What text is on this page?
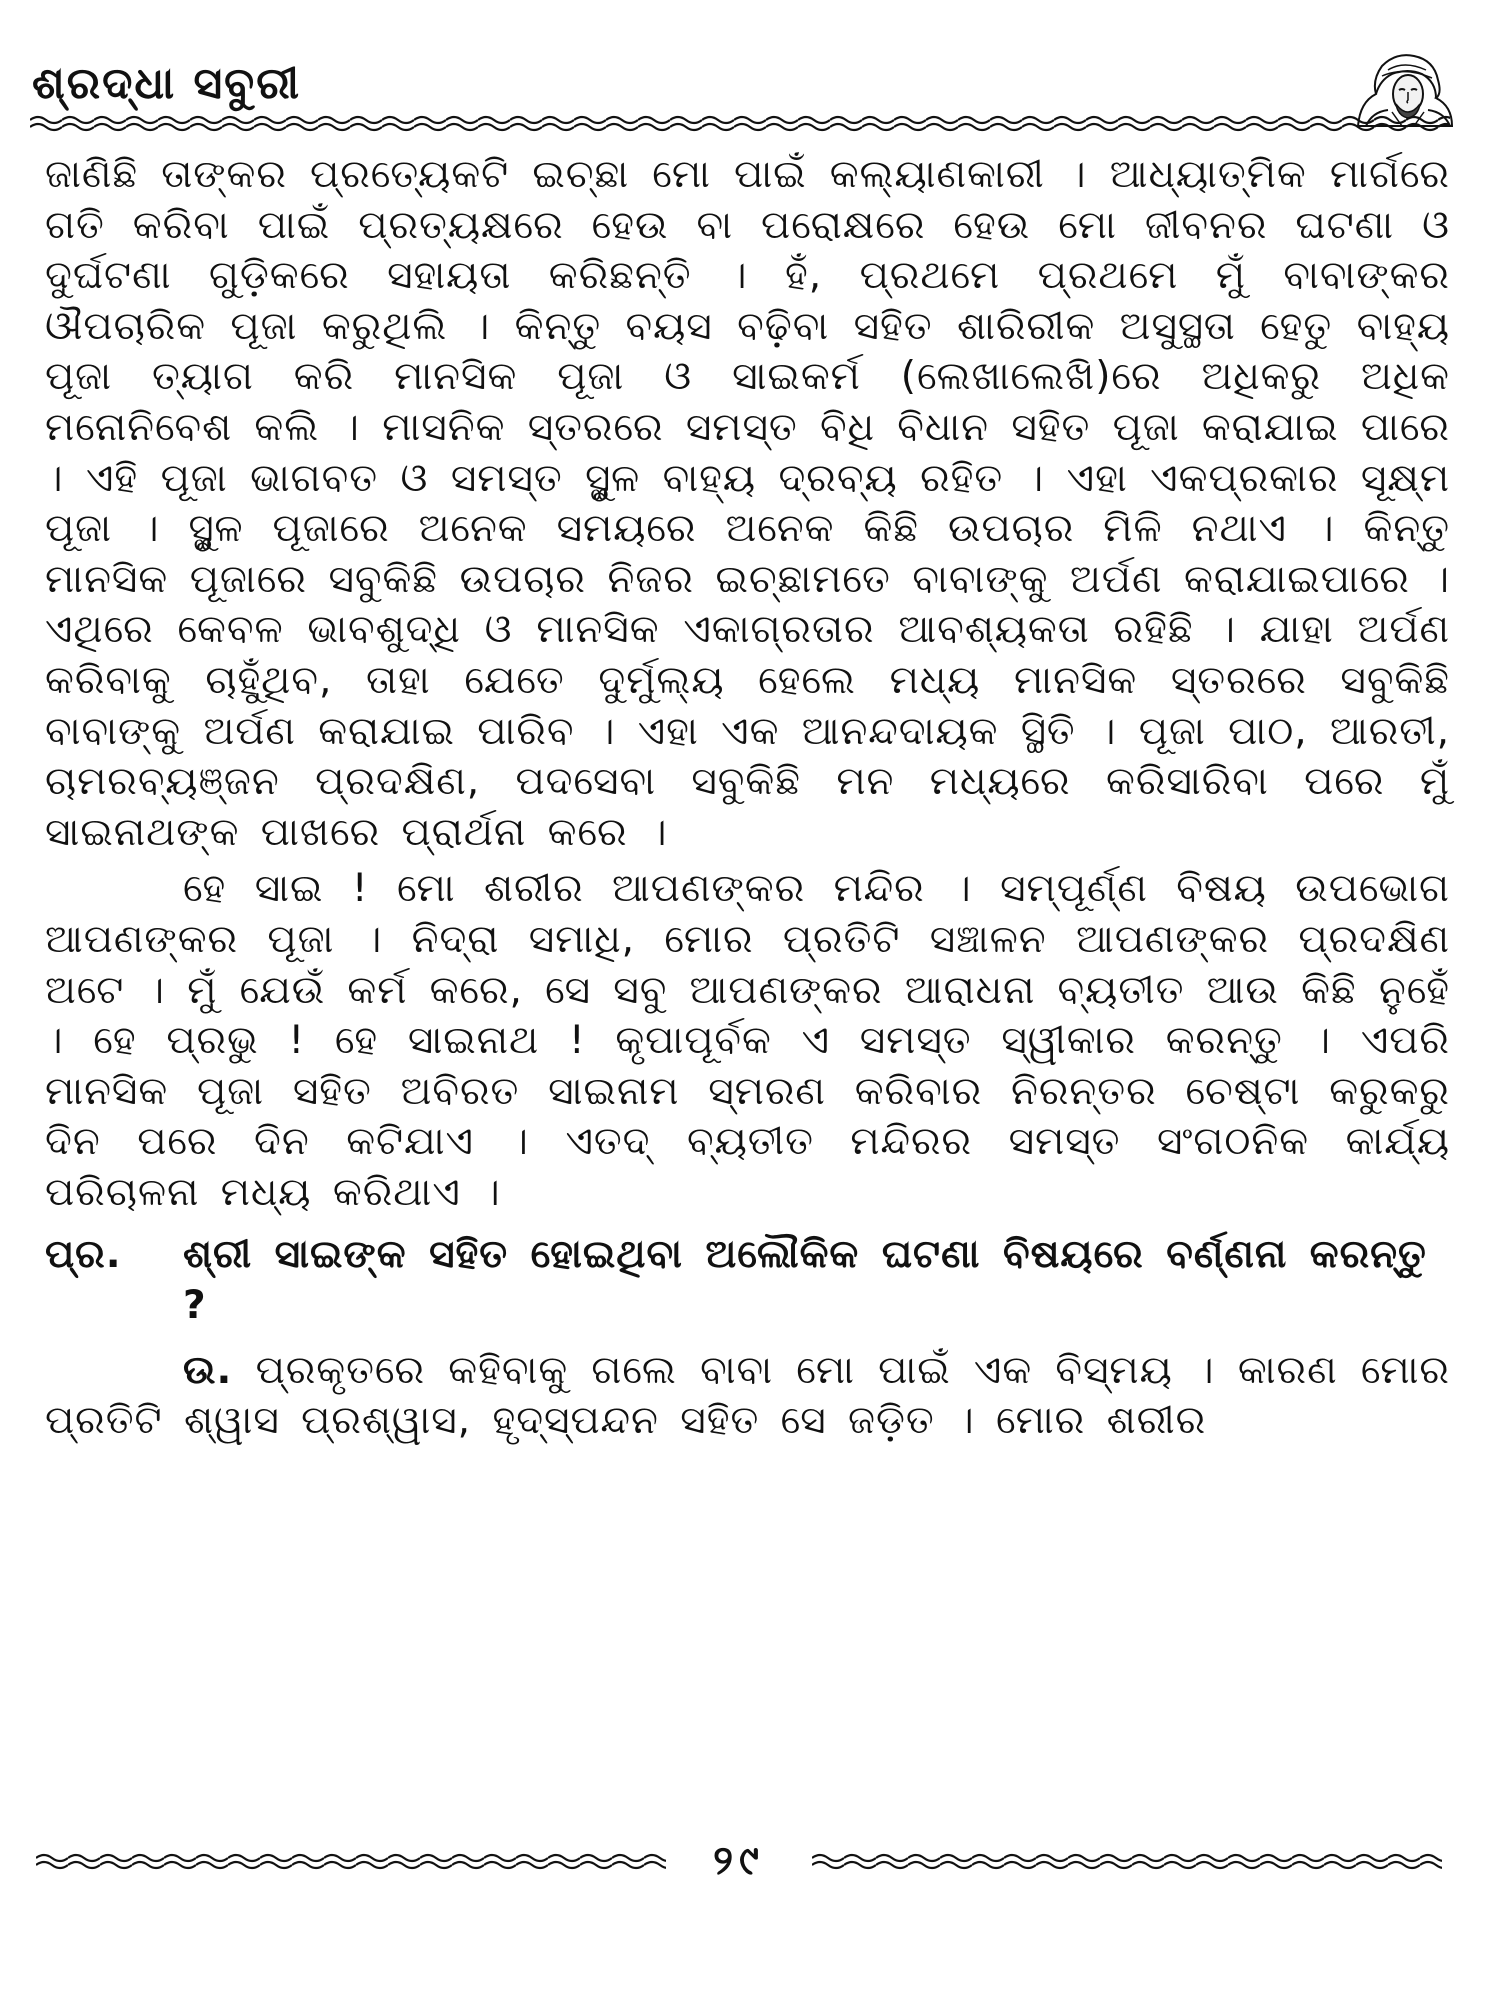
ଶ୍ରଦ୍ଧା ସବୁରୀ

ଜାଣିଛି ତାଙ୍କର ପ୍ରତ୍ୟେକଟି ଇଚ୍ଛା ମୋ ପାଇଁ କଲ୍ୟାଣକାରୀ । ଆଧ୍ୟାତ୍ମିକ ମାର୍ଗରେ ଗତି କରିବା ପାଇଁ ପ୍ରତ୍ୟକ୍ଷରେ ହେଉ ବା ପରୋକ୍ଷରେ ହେଉ ମୋ ଜୀବନର ଘଟଣା ଓ ଦୁର୍ଘଟଣା ଗୁଡ଼ିକରେ ସହାୟତା କରିଛନ୍ତି । ହଁ, ପ୍ରଥମେ ପ୍ରଥମେ ମୁଁ ବାବାଙ୍କର ଔପଚାରିକ ପୂଜା କରୁଥିଲି । କିନ୍ତୁ ବୟସ ବଢ଼ିବା ସହିତ ଶାରିରୀକ ଅସୁସ୍ଥତା ହେତୁ ବାହ୍ୟ ପୂଜା ତ୍ୟାଗ କରି ମାନସିକ ପୂଜା ଓ ସାଇକର୍ମ (ଲେଖାଲେଖି)ରେ ଅଧିକରୁ ଅଧିକ ମନୋନିବେଶ କଲି । ମାସନିକ ସ୍ତରରେ ସମସ୍ତ ବିଧି ବିଧାନ ସହିତ ପୂଜା କରାଯାଇ ପାରେ । ଏହି ପୂଜା ଭାଗବତ ଓ ସମସ୍ତ ସ୍ଥୁଳ ବାହ୍ୟ ଦ୍ରବ୍ୟ ରହିତ । ଏହା ଏକପ୍ରକାର ସୂକ୍ଷ୍ମ ପୂଜା । ସ୍ଥୁଳ ପୂଜାରେ ଅନେକ ସମୟରେ ଅନେକ କିଛି ଉପଚାର ମିଳି ନଥାଏ । କିନ୍ତୁ ମାନସିକ ପୂଜାରେ ସବୁକିଛି ଉପଚାର ନିଜର ଇଚ୍ଛାମତେ ବାବାଙ୍କୁ ଅର୍ପଣ କରାଯାଇପାରେ । ଏଥିରେ କେବଳ ଭାବଶୁଦ୍ଧି ଓ ମାନସିକ ଏକାଗ୍ରତାର ଆବଶ୍ୟକତା ରହିଛି । ଯାହା ଅର୍ପଣ କରିବାକୁ ଚାହୁଁଥିବ, ତାହା ଯେତେ ଦୁର୍ମୁଲ୍ୟ ହେଲେ ମଧ୍ୟ ମାନସିକ ସ୍ତରରେ ସବୁକିଛି ବାବାଙ୍କୁ ଅର୍ପଣ କରାଯାଇ ପାରିବ । ଏହା ଏକ ଆନନ୍ଦଦାୟକ ସ୍ଥିତି । ପୂଜା ପାଠ, ଆରତୀ, ଚାମରବ୍ୟଞ୍ଜନ ପ୍ରଦକ୍ଷିଣ, ପଦସେବା ସବୁକିଛି ମନ ମଧ୍ୟରେ କରିସାରିବା ପରେ ମୁଁ ସାଇନାଥଙ୍କ ପାଖରେ ପ୍ରାର୍ଥନା କରେ ।

ହେ ସାଇ ! ମୋ ଶରୀର ଆପଣଙ୍କର ମନ୍ଦିର । ସମ୍ପୂର୍ଣ୍ଣ ବିଷୟ ଉପଭୋଗ ଆପଣଙ୍କର ପୂଜା । ନିଦ୍ରା ସମାଧି, ମୋର ପ୍ରତିଟି ସଞ୍ଚାଳନ ଆପଣଙ୍କର ପ୍ରଦକ୍ଷିଣ ଅଟେ । ମୁଁ ଯେଉଁ କର୍ମ କରେ, ସେ ସବୁ ଆପଣଙ୍କର ଆରାଧନା ବ୍ୟତୀତ ଆଉ କିଛି ନୁହେଁ । ହେ ପ୍ରଭୁ ! ହେ ସାଇନାଥ ! କୃପାପୂର୍ବକ ଏ ସମସ୍ତ ସ୍ୱୀକାର କରନ୍ତୁ । ଏପରି ମାନସିକ ପୂଜା ସହିତ ଅବିରତ ସାଇନାମ ସ୍ମରଣ କରିବାର ନିରନ୍ତର ଚେଷ୍ଟା କରୁକରୁ ଦିନ ପରେ ଦିନ କଟିଯାଏ । ଏତଦ୍ ବ୍ୟତୀତ ମନ୍ଦିରର ସମସ୍ତ ସଂଗଠନିକ କାର୍ଯ୍ୟ ପରିଚାଳନା ମଧ୍ୟ କରିଥାଏ ।

ପ୍ର.	ଶ୍ରୀ ସାଇଙ୍କ ସହିତ ହୋଇଥିବା ଅଲୌକିକ ଘଟଣା ବିଷୟରେ ବର୍ଣ୍ଣନା କରନ୍ତୁ ?

ଉ. ପ୍ରକୃତରେ କହିବାକୁ ଗଲେ ବାବା ମୋ ପାଇଁ ଏକ ବିସ୍ମୟ । କାରଣ ମୋର ପ୍ରତିଟି ଶ୍ୱାସ ପ୍ରଶ୍ୱାସ, ହୃଦ୍‌ସ୍ପନ୍ଦନ ସହିତ ସେ ଜଡ଼ିତ । ମୋର ଶରୀର

୨୯
